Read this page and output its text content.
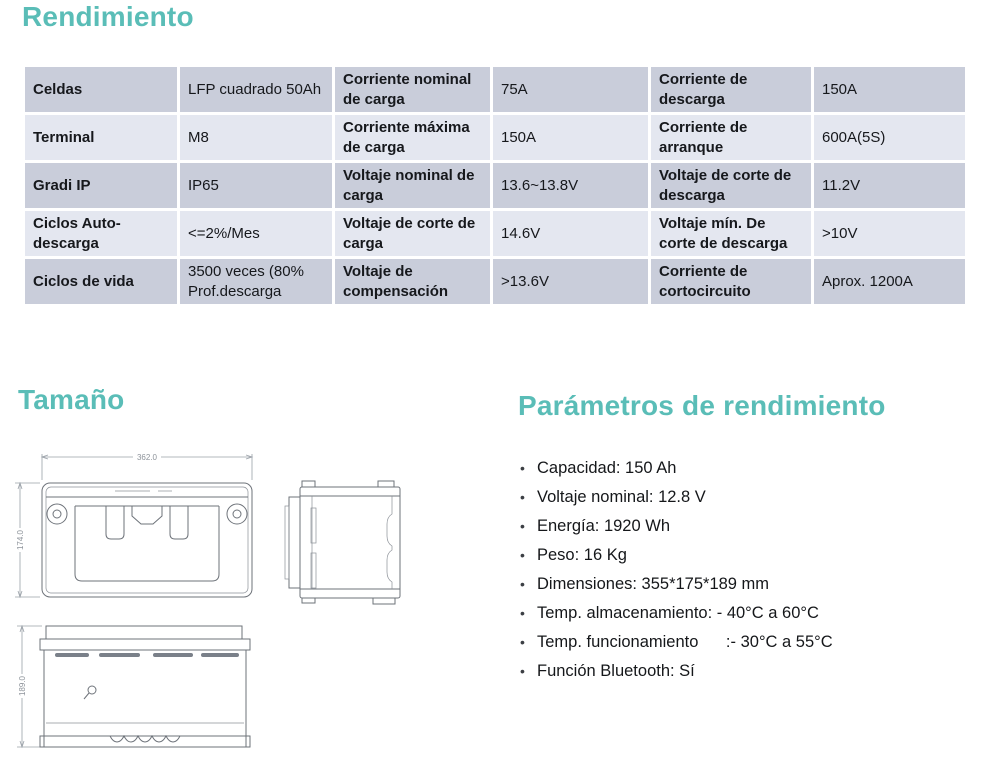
Rendimiento
Celdas	LFP cuadrado 50Ah	Corriente nominal de carga	75A	Corriente de descarga	150A
Terminal	M8	Corriente máxima de carga	150A	Corriente de arranque	600A(5S)
Gradi IP	IP65	Voltaje nominal de carga	13.6~13.8V	Voltaje de corte de descarga	11.2V
Ciclos Auto-descarga	<=2%/Mes	Voltaje de corte de carga	14.6V	Voltaje mín. De corte de descarga	>10V
Ciclos de vida	3500 veces (80% Prof.descarga	Voltaje de compensación	>13.6V	Corriente de cortocircuito	Aprox. 1200A
Tamaño	Parámetros de rendimiento
• Capacidad: 150 Ah
• Voltaje nominal: 12.8 V
• Energía: 1920 Wh
• Peso: 16 Kg
• Dimensiones: 355*175*189 mm
• Temp. almacenamiento: - 40°C a 60°C
• Temp. funcionamiento      :- 30°C a 55°C
• Función Bluetooth: Sí
362.0
174.0
189.0
